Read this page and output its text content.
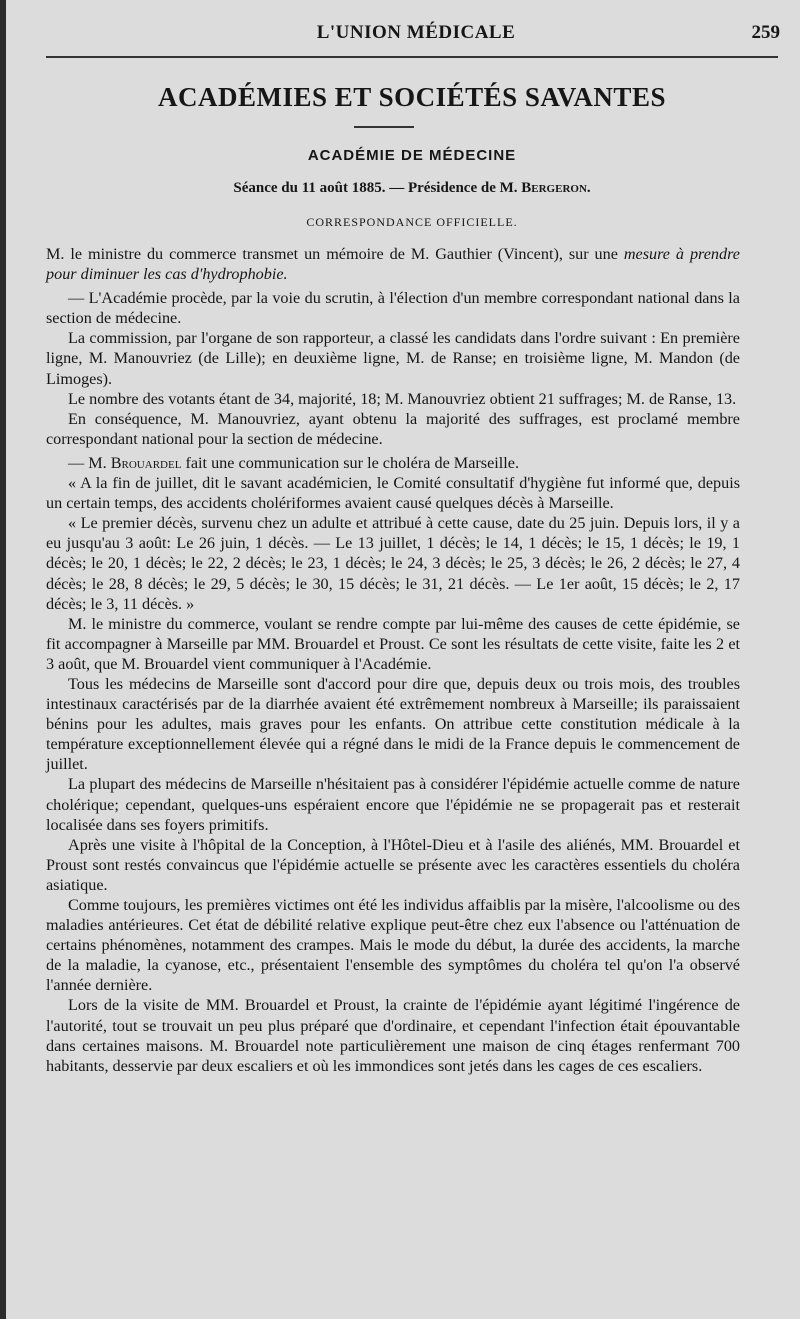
L'UNION MÉDICALE	259
ACADÉMIES ET SOCIÉTÉS SAVANTES
ACADÉMIE DE MÉDECINE
Séance du 11 août 1885. — Présidence de M. Bergeron.
CORRESPONDANCE OFFICIELLE.

M. le ministre du commerce transmet un mémoire de M. Gauthier (Vincent), sur une mesure à prendre pour diminuer les cas d'hydrophobie.

— L'Académie procède, par la voie du scrutin, à l'élection d'un membre correspondant national dans la section de médecine.

La commission, par l'organe de son rapporteur, a classé les candidats dans l'ordre suivant : En première ligne, M. Manouvriez (de Lille); en deuxième ligne, M. de Ranse; en troisième ligne, M. Mandon (de Limoges).

Le nombre des votants étant de 34, majorité, 18; M. Manouvriez obtient 21 suffrages; M. de Ranse, 13.

En conséquence, M. Manouvriez, ayant obtenu la majorité des suffrages, est proclamé membre correspondant national pour la section de médecine.

— M. Brouardel fait une communication sur le choléra de Marseille.

« A la fin de juillet, dit le savant académicien, le Comité consultatif d'hygiène fut informé que, depuis un certain temps, des accidents cholériformes avaient causé quelques décès à Marseille.

« Le premier décès, survenu chez un adulte et attribué à cette cause, date du 25 juin. Depuis lors, il y a eu jusqu'au 3 août: Le 26 juin, 1 décès. — Le 13 juillet, 1 décès; le 14, 1 décès; le 15, 1 décès; le 19, 1 décès; le 20, 1 décès; le 22, 2 décès; le 23, 1 décès; le 24, 3 décès; le 25, 3 décès; le 26, 2 décès; le 27, 4 décès; le 28, 8 décès; le 29, 5 décès; le 30, 15 décès; le 31, 21 décès. — Le 1er août, 15 décès; le 2, 17 décès; le 3, 11 décès. »

M. le ministre du commerce, voulant se rendre compte par lui-même des causes de cette épidémie, se fit accompagner à Marseille par MM. Brouardel et Proust. Ce sont les résultats de cette visite, faite les 2 et 3 août, que M. Brouardel vient communiquer à l'Académie.

Tous les médecins de Marseille sont d'accord pour dire que, depuis deux ou trois mois, des troubles intestinaux caractérisés par de la diarrhée avaient été extrêmement nombreux à Marseille; ils paraissaient bénins pour les adultes, mais graves pour les enfants. On attribue cette constitution médicale à la température exceptionnellement élevée qui a régné dans le midi de la France depuis le commencement de juillet.

La plupart des médecins de Marseille n'hésitaient pas à considérer l'épidémie actuelle comme de nature cholérique; cependant, quelques-uns espéraient encore que l'épidémie ne se propagerait pas et resterait localisée dans ses foyers primitifs.

Après une visite à l'hôpital de la Conception, à l'Hôtel-Dieu et à l'asile des aliénés, MM. Brouardel et Proust sont restés convaincus que l'épidémie actuelle se présente avec les caractères essentiels du choléra asiatique.

Comme toujours, les premières victimes ont été les individus affaiblis par la misère, l'alcoolisme ou des maladies antérieures. Cet état de débilité relative explique peut-être chez eux l'absence ou l'atténuation de certains phénomènes, notamment des crampes. Mais le mode du début, la durée des accidents, la marche de la maladie, la cyanose, etc., présentaient l'ensemble des symptômes du choléra tel qu'on l'a observé l'année dernière.

Lors de la visite de MM. Brouardel et Proust, la crainte de l'épidémie ayant légitimé l'ingérence de l'autorité, tout se trouvait un peu plus préparé que d'ordinaire, et cependant l'infection était épouvantable dans certaines maisons. M. Brouardel note particulièrement une maison de cinq étages renfermant 700 habitants, desservie par deux escaliers et où les immondices sont jetés dans les cages de ces escaliers.
